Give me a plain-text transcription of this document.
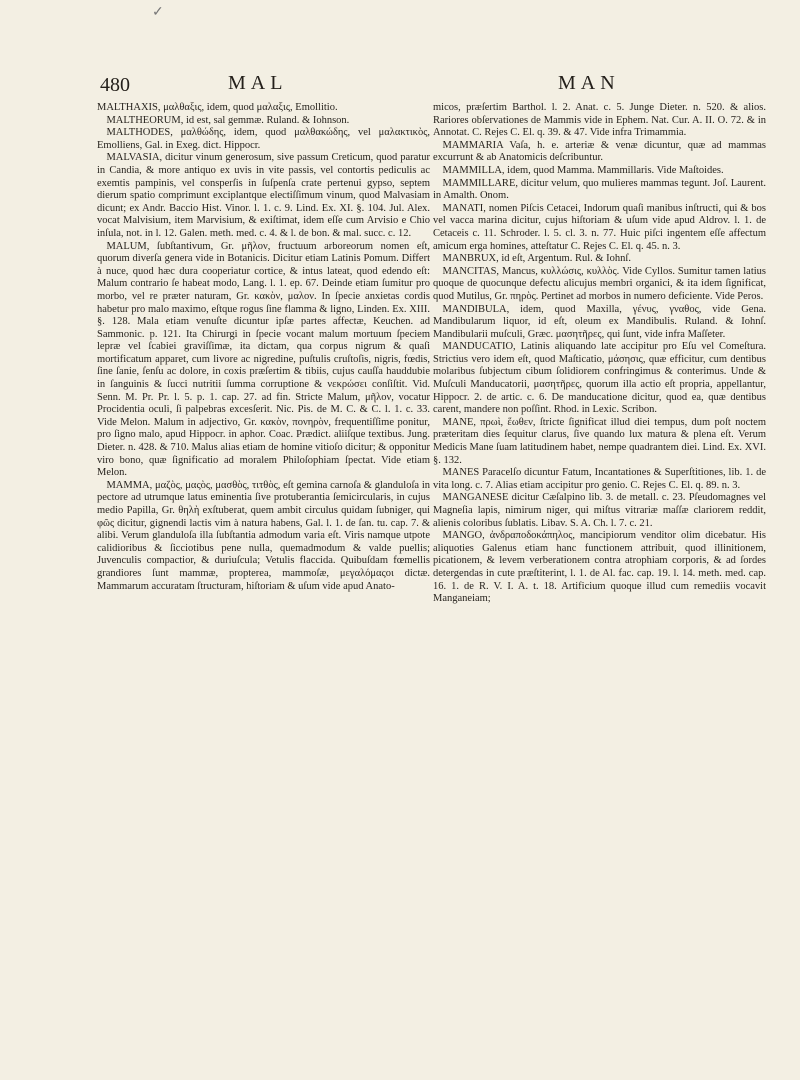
✓
480	MAL	MAN

MALTHAXIS, μαλθαξις, idem, quod μαλαξις, Emollitio.

MALTHEORUM, id est, sal gemmæ. Ruland. & Iohnson.

MALTHODES, μαλθώδης, idem, quod μαλθακώδης, vel μαλακτικὸς, Emolliens, Gal. in Exeg. dict. Hippocr.

MALVASIA, dicitur vinum generosum, sive passum Creticum, quod paratur in Candia, & more antiquo ex uvis in vite passis, vel contortis pediculis ac exemtis pampinis, vel consperſis in ſuſpenſa crate pertenui gypso, septem dierum spatio comprimunt exciplantque electiſſimum vinum, quod Malvasiam dicunt; ex Andr. Baccio Hist. Vinor. l. 1. c. 9. Lind. Ex. XI. §. 104. Jul. Alex. vocat Malvisium, item Marvisium, & exiſtimat, idem eſſe cum Arvisio e Chio inſula, not. in l. 12. Galen. meth. med. c. 4. & l. de bon. & mal. succ. c. 12.

MALUM, ſubſtantivum, Gr. μῆλον, fructuum arboreorum nomen eſt, quorum diverſa genera vide in Botanicis. Dicitur etiam Latinis Pomum. Differt à nuce, quod hæc dura cooperiatur cortice, & intus lateat, quod edendo eſt: Malum contrario ſe habeat modo, Lang. l. 1. ep. 67. Deinde etiam ſumitur pro morbo, vel re præter naturam, Gr. κακὸν, μαλον. In ſpecie anxietas cordis habetur pro malo maximo, eſtque rogus ſine flamma & ligno, Linden. Ex. XIII. §. 128. Mala etiam venuſte dicuntur ipſæ partes affectæ, Keuchen. ad Sammonic. p. 121. Ita Chirurgi in ſpecie vocant malum mortuum ſpeciem lepræ vel ſcabiei graviſſimæ, ita dictam, qua corpus nigrum & quaſi mortificatum apparet, cum livore ac nigredine, puſtulis cruſtoſis, nigris, fœdis, ſine ſanie, ſenſu ac dolore, in coxis præſertim & tibiis, cujus cauſſa hauddubie in ſanguinis & ſucci nutritii ſumma corruptione & νεκρώσει conſiſtit. Vid. Senn. M. Pr. Pr. l. 5. p. 1. cap. 27. ad fin. Stricte Malum, μῆλον, vocatur Procidentia oculi, ſi palpebras excesſerit. Nic. Pis. de M. C. & C. l. 1. c. 33. Vide Melon. Malum in adjectivo, Gr. κακὸν, πονηρὸν, frequentiſſime ponitur, pro ſigno malo, apud Hippocr. in aphor. Coac. Prædict. aliiſque textibus. Jung. Dieter. n. 428. & 710. Malus alias etiam de homine vitioſo dicitur; & opponitur viro bono, quæ ſignificatio ad moralem Philoſophiam ſpectat. Vide etiam Melon.

MAMMA, μαζὸς, μαςὸς, μασθὸς, τιτθὸς, eſt gemina carnoſa & glanduloſa in pectore ad utrumque latus eminentia ſive protuberantia ſemicircularis, in cujus medio Papilla, Gr. θηλὴ exſtuberat, quem ambit circulus quidam ſubniger, qui φῶς dicitur, gignendi lactis vim à natura habens, Gal. l. 1. de ſan. tu. cap. 7. & alibi. Verum glanduloſa illa ſubſtantia admodum varia eſt. Viris namque utpote calidioribus & ſicciotibus pene nulla, quemadmodum & valde puellis; Juvenculis compactior, & duriuſcula; Vetulis flaccida. Quibuſdam fœmellis grandiores ſunt mammæ, propterea, mammoſæ, μεγαλόμαςοι dictæ. Mammarum accuratam ſtructuram, hiſtoriam & uſum vide apud Anato-

micos, præſertim Barthol. l. 2. Anat. c. 5. Junge Dieter. n. 520. & alios. Rariores obſervationes de Mammis vide in Ephem. Nat. Cur. A. II. O. 72. & in Annotat. C. Rejes C. El. q. 39. & 47. Vide infra Trimammia.

MAMMARIA Vaſa, h. e. arteriæ & venæ dicuntur, quæ ad mammas excurrunt & ab Anatomicis deſcribuntur.

MAMMILLA, idem, quod Mamma. Mammillaris. Vide Maſtoides.

MAMMILLARE, dicitur velum, quo mulieres mammas tegunt. Joſ. Laurent. in Amalth. Onom.

MANATI, nomen Piſcis Cetacei, Indorum quaſi manibus inſtructi, qui & bos vel vacca marina dicitur, cujus hiſtoriam & uſum vide apud Aldrov. l. 1. de Cetaceis c. 11. Schroder. l. 5. cl. 3. n. 77. Huic piſci ingentem eſſe affectum amicum erga homines, atteſtatur C. Rejes C. El. q. 45. n. 3.

MANBRUX, id eſt, Argentum. Rul. & Iohnſ.

MANCITAS, Mancus, κυλλώσις, κυλλὸς. Vide Cyllos. Sumitur tamen latius quoque de quocunque defectu alicujus membri organici, & ita idem ſignificat, quod Mutilus, Gr. πηρὸς. Pertinet ad morbos in numero deficiente. Vide Peros.

MANDIBULA, idem, quod Maxilla, γένυς, γναθος, vide Gena. Mandibularum liquor, id eſt, oleum ex Mandibulis. Ruland. & Iohnſ. Mandibularii muſculi, Græc. μασητῆρες, qui ſunt, vide infra Maſſeter.

MANDUCATIO, Latinis aliquando late accipitur pro Eſu vel Comeſtura. Strictius vero idem eſt, quod Maſticatio, μάσησις, quæ efficitur, cum dentibus molaribus ſubjectum cibum ſolidiorem confringimus & conterimus. Unde & Muſculi Manducatorii, μασητῆρες, quorum illa actio eſt propria, appellantur, Hippocr. 2. de artic. c. 6. De manducatione dicitur, quod ea, quæ dentibus carent, mandere non poſſint. Rhod. in Lexic. Scribon.

MANE, πρωὶ, ἕωθεν, ſtricte ſignificat illud diei tempus, dum poſt noctem præteritam dies ſequitur clarus, ſive quando lux matura & plena eſt. Verum Medicis Mane ſuam latitudinem habet, nempe quadrantem diei. Lind. Ex. XVI. §. 132.

MANES Paracelſo dicuntur Fatum, Incantationes & Superſtitiones, lib. 1. de vita long. c. 7. Alias etiam accipitur pro genio. C. Rejes C. El. q. 89. n. 3.

MANGANESE dicitur Cæſalpino lib. 3. de metall. c. 23. Pſeudomagnes vel Magneſia lapis, nimirum niger, qui miſtus vitrariæ maſſæ clariorem reddit, alienis coloribus ſublatis. Libav. S. A. Ch. l. 7. c. 21.

MANGO, ἀνδραποδοκάπηλος, mancipiorum venditor olim dicebatur. His aliquoties Galenus etiam hanc functionem attribuit, quod illinitionem, picationem, & levem verberationem contra atrophiam corporis, & ad ſordes detergendas in cute præſtiterint, l. 1. de Al. fac. cap. 19. l. 14. meth. med. cap. 16. 1. de R. V. I. A. t. 18. Artificium quoque illud cum remediis vocavit Manganeiam;
